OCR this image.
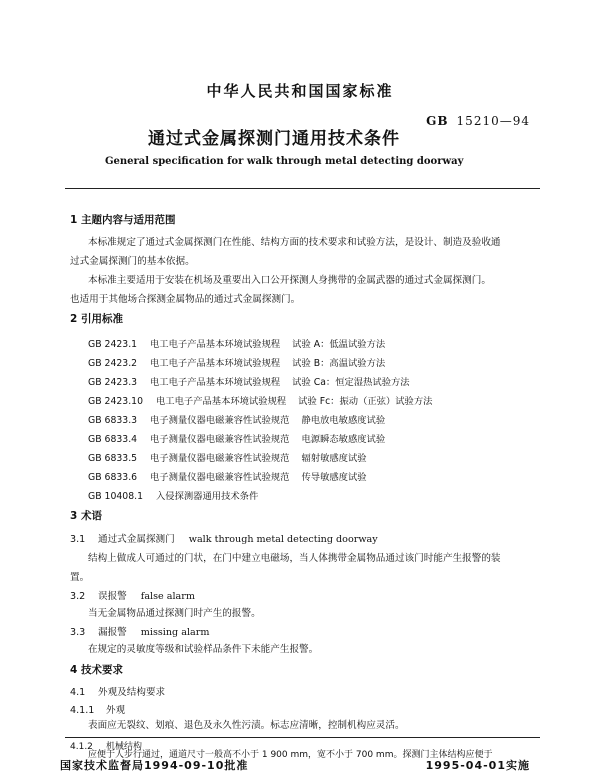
中华人民共和国国家标准
GB 15210—94
通过式金属探测门通用技术条件
General specification for walk through metal detecting doorway
1 主题内容与适用范围
本标准规定了通过式金属探测门在性能、结构方面的技术要求和试验方法，是设计、制造及验收通
过式金属探测门的基本依据。
本标准主要适用于安装在机场及重要出入口公开探测人身携带的金属武器的通过式金属探测门。
也适用于其他场合探测金属物品的通过式金属探测门。
2 引用标准
GB 2423.1 电工电子产品基本环境试验规程 试验 A：低温试验方法
GB 2423.2 电工电子产品基本环境试验规程 试验 B：高温试验方法
GB 2423.3 电工电子产品基本环境试验规程 试验 Ca：恒定湿热试验方法
GB 2423.10 电工电子产品基本环境试验规程 试验 Fc：振动（正弦）试验方法
GB 6833.3 电子测量仪器电磁兼容性试验规范 静电放电敏感度试验
GB 6833.4 电子测量仪器电磁兼容性试验规范 电源瞬态敏感度试验
GB 6833.5 电子测量仪器电磁兼容性试验规范 辐射敏感度试验
GB 6833.6 电子测量仪器电磁兼容性试验规范 传导敏感度试验
GB 10408.1 入侵探测器通用技术条件
3 术语
3.1 通过式金属探测门 walk through metal detecting doorway
结构上做成人可通过的门状，在门中建立电磁场，当人体携带金属物品通过该门时能产生报警的装
置。
3.2 误报警 false alarm
当无金属物品通过探测门时产生的报警。
3.3 漏报警 missing alarm
在规定的灵敏度等级和试验样品条件下未能产生报警。
4 技术要求
4.1 外观及结构要求
4.1.1 外观
表面应无裂纹、划痕、退色及永久性污渍。标志应清晰，控制机构应灵活。
4.1.2 机械结构
应便于人步行通过，通道尺寸一般高不小于 1 900 mm，宽不小于 700 mm。探测门主体结构应便于
国家技术监督局1994-09-10批准	1995-04-01实施
